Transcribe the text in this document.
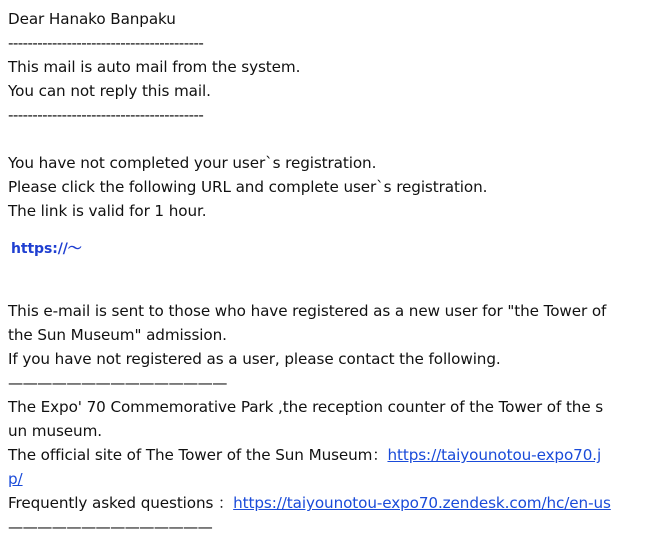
Dear Hanako Banpaku
----------------------------------------
This mail is auto mail from the system.
You can not reply this mail.
----------------------------------------
You have not completed your user`s registration.
Please click the following URL and complete user`s registration.
The link is valid for 1 hour.
https://〜
This e-mail is sent to those who have registered as a new user for "the Tower of
the Sun Museum" admission.
If you have not registered as a user, please contact the following.
———————————————
The Expo' 70 Commemorative Park ,the reception counter of the Tower of the s
un museum.
The official site of The Tower of the Sun Museum：https://taiyounotou-expo70.j
p/
Frequently asked questions ：https://taiyounotou-expo70.zendesk.com/hc/en-us
——————————————
